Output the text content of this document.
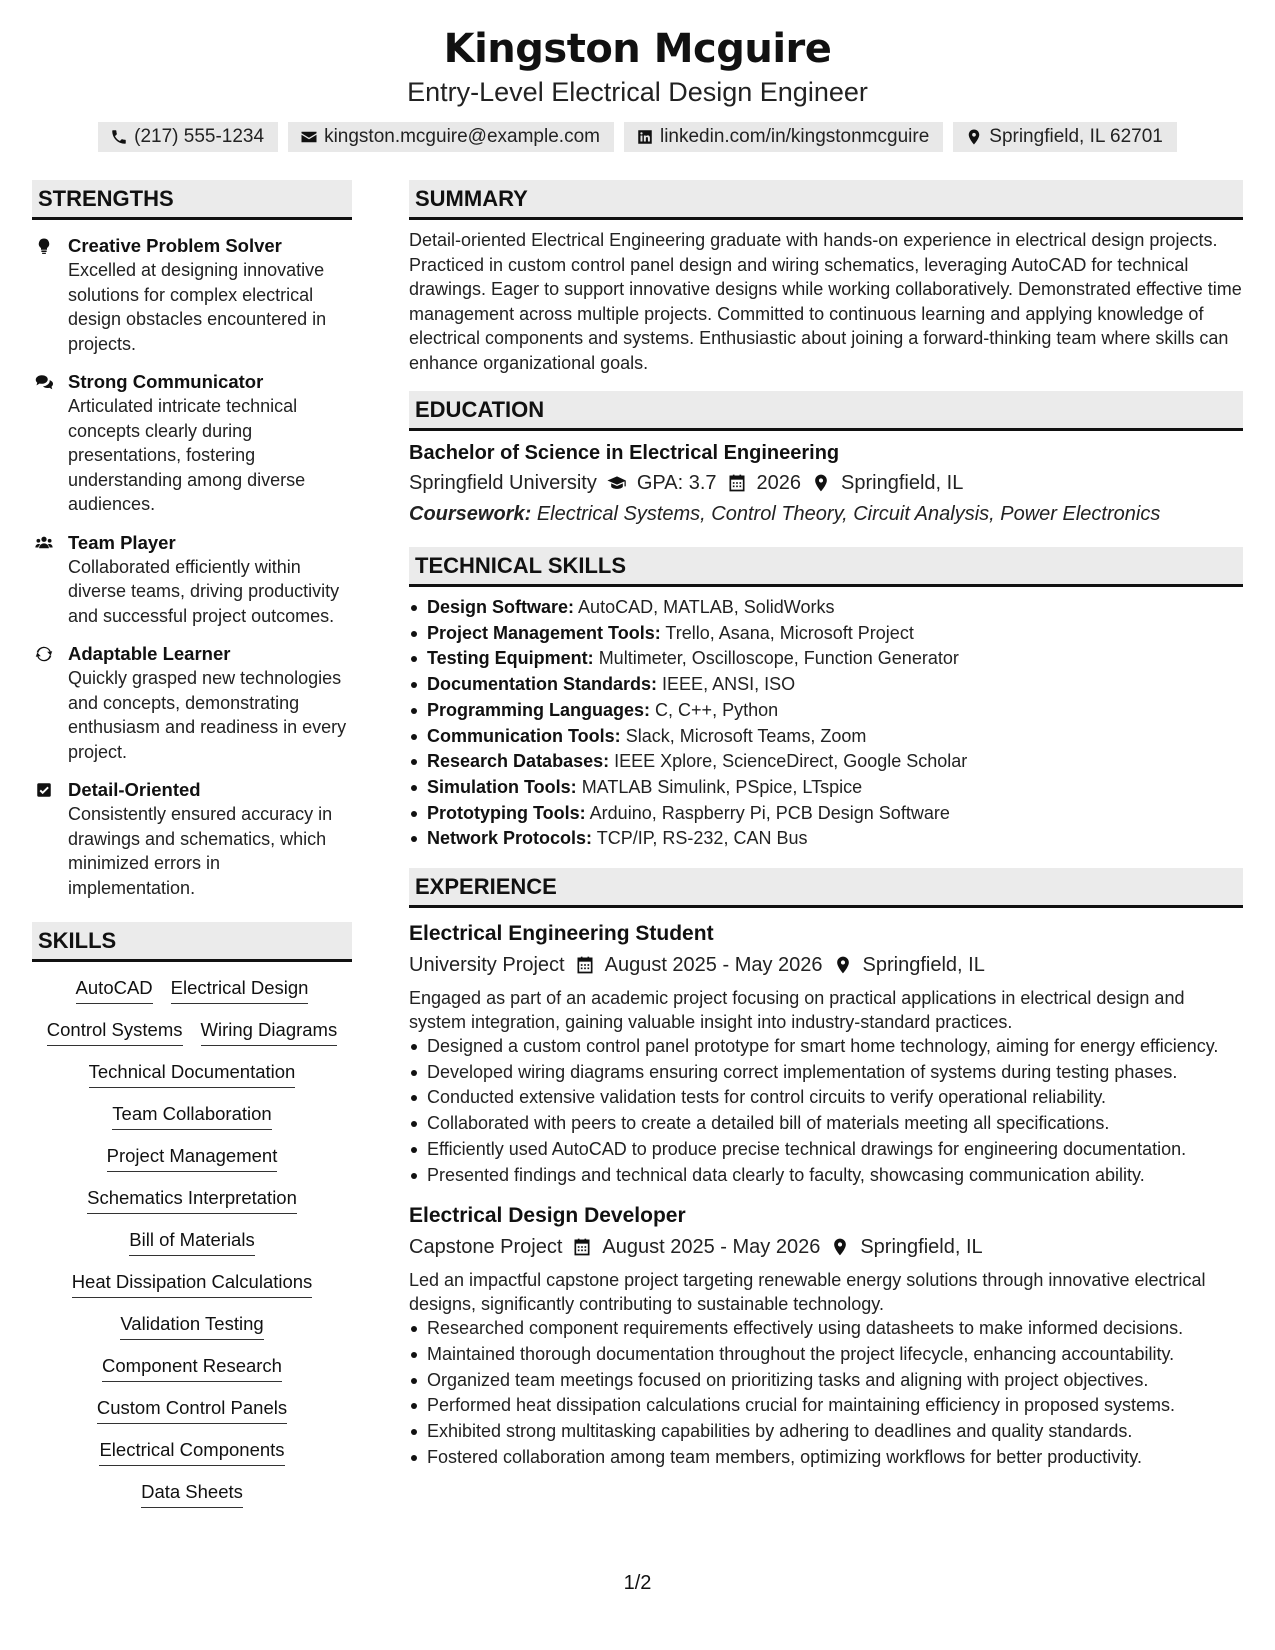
Kingston Mcguire
Entry-Level Electrical Design Engineer
(217) 555-1234	kingston.mcguire@example.com	linkedin.com/in/kingstonmcguire	Springfield, IL 62701
STRENGTHS
Creative Problem Solver
Excelled at designing innovative solutions for complex electrical design obstacles encountered in projects.
Strong Communicator
Articulated intricate technical concepts clearly during presentations, fostering understanding among diverse audiences.
Team Player
Collaborated efficiently within diverse teams, driving productivity and successful project outcomes.
Adaptable Learner
Quickly grasped new technologies and concepts, demonstrating enthusiasm and readiness in every project.
Detail-Oriented
Consistently ensured accuracy in drawings and schematics, which minimized errors in implementation.
SKILLS
AutoCAD Electrical Design
Control Systems Wiring Diagrams
Technical Documentation
Team Collaboration
Project Management
Schematics Interpretation
Bill of Materials
Heat Dissipation Calculations
Validation Testing
Component Research
Custom Control Panels
Electrical Components
Data Sheets
SUMMARY
Detail-oriented Electrical Engineering graduate with hands-on experience in electrical design projects. Practiced in custom control panel design and wiring schematics, leveraging AutoCAD for technical drawings. Eager to support innovative designs while working collaboratively. Demonstrated effective time management across multiple projects. Committed to continuous learning and applying knowledge of electrical components and systems. Enthusiastic about joining a forward-thinking team where skills can enhance organizational goals.
EDUCATION
Bachelor of Science in Electrical Engineering
Springfield University GPA: 3.7 2026 Springfield, IL
Coursework: Electrical Systems, Control Theory, Circuit Analysis, Power Electronics
TECHNICAL SKILLS
Design Software: AutoCAD, MATLAB, SolidWorks
Project Management Tools: Trello, Asana, Microsoft Project
Testing Equipment: Multimeter, Oscilloscope, Function Generator
Documentation Standards: IEEE, ANSI, ISO
Programming Languages: C, C++, Python
Communication Tools: Slack, Microsoft Teams, Zoom
Research Databases: IEEE Xplore, ScienceDirect, Google Scholar
Simulation Tools: MATLAB Simulink, PSpice, LTspice
Prototyping Tools: Arduino, Raspberry Pi, PCB Design Software
Network Protocols: TCP/IP, RS-232, CAN Bus
EXPERIENCE
Electrical Engineering Student
University Project August 2025 - May 2026 Springfield, IL
Engaged as part of an academic project focusing on practical applications in electrical design and system integration, gaining valuable insight into industry-standard practices.
Designed a custom control panel prototype for smart home technology, aiming for energy efficiency.
Developed wiring diagrams ensuring correct implementation of systems during testing phases.
Conducted extensive validation tests for control circuits to verify operational reliability.
Collaborated with peers to create a detailed bill of materials meeting all specifications.
Efficiently used AutoCAD to produce precise technical drawings for engineering documentation.
Presented findings and technical data clearly to faculty, showcasing communication ability.
Electrical Design Developer
Capstone Project August 2025 - May 2026 Springfield, IL
Led an impactful capstone project targeting renewable energy solutions through innovative electrical designs, significantly contributing to sustainable technology.
Researched component requirements effectively using datasheets to make informed decisions.
Maintained thorough documentation throughout the project lifecycle, enhancing accountability.
Organized team meetings focused on prioritizing tasks and aligning with project objectives.
Performed heat dissipation calculations crucial for maintaining efficiency in proposed systems.
Exhibited strong multitasking capabilities by adhering to deadlines and quality standards.
Fostered collaboration among team members, optimizing workflows for better productivity.
1/2
